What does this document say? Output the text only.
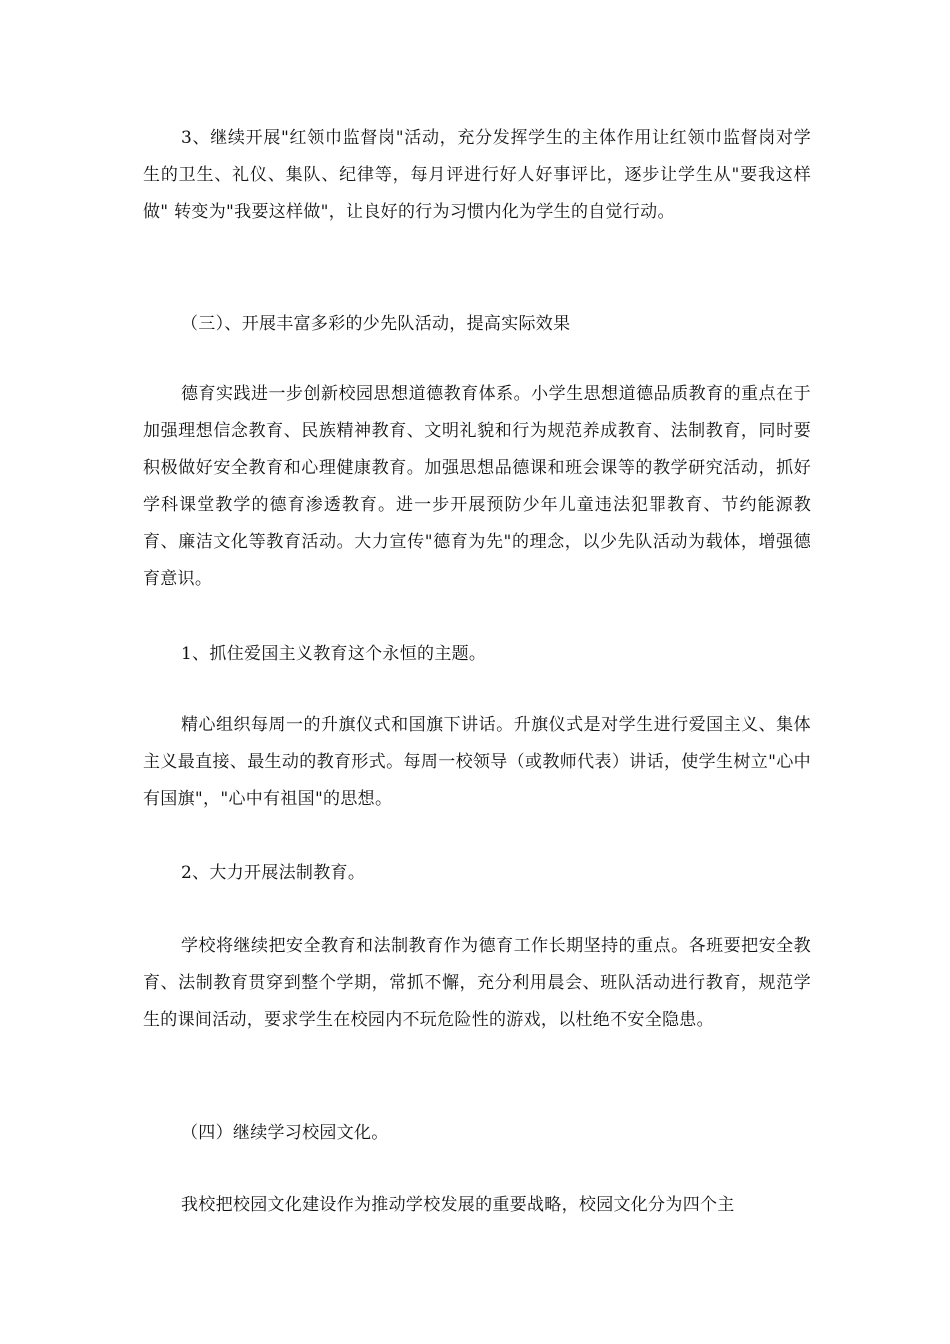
3、继续开展"红领巾监督岗"活动，充分发挥学生的主体作用让红领巾监督岗对学生的卫生、礼仪、集队、纪律等，每月评进行好人好事评比，逐步让学生从"要我这样做" 转变为"我要这样做"，让良好的行为习惯内化为学生的自觉行动。

（三）、开展丰富多彩的少先队活动，提高实际效果

德育实践进一步创新校园思想道德教育体系。小学生思想道德品质教育的重点在于加强理想信念教育、民族精神教育、文明礼貌和行为规范养成教育、法制教育，同时要积极做好安全教育和心理健康教育。加强思想品德课和班会课等的教学研究活动，抓好学科课堂教学的德育渗透教育。进一步开展预防少年儿童违法犯罪教育、节约能源教育、廉洁文化等教育活动。大力宣传"德育为先"的理念，以少先队活动为载体，增强德育意识。

1、抓住爱国主义教育这个永恒的主题。

精心组织每周一的升旗仪式和国旗下讲话。升旗仪式是对学生进行爱国主义、集体主义最直接、最生动的教育形式。每周一校领导（或教师代表）讲话，使学生树立"心中有国旗"，"心中有祖国"的思想。

2、大力开展法制教育。

学校将继续把安全教育和法制教育作为德育工作长期坚持的重点。各班要把安全教育、法制教育贯穿到整个学期，常抓不懈，充分利用晨会、班队活动进行教育，规范学生的课间活动，要求学生在校园内不玩危险性的游戏，以杜绝不安全隐患。

（四）继续学习校园文化。

我校把校园文化建设作为推动学校发展的重要战略，校园文化分为四个主
